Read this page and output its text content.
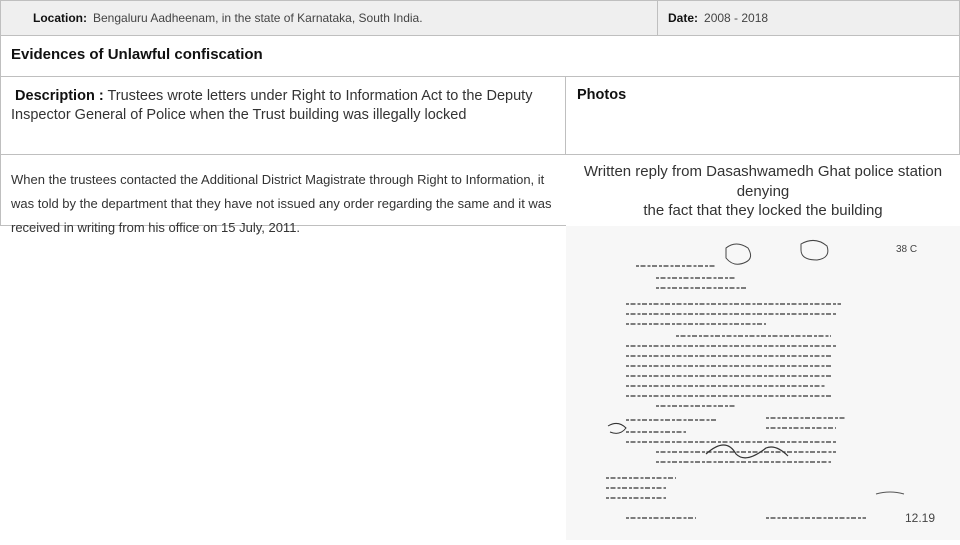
Location: Bengaluru Aadheenam, in the state of Karnataka, South India.	Date: 2008 - 2018
Evidences of Unlawful confiscation
Description : Trustees wrote letters under Right to Information Act to the Deputy Inspector General of Police when the Trust building was illegally locked
Photos
When the trustees contacted the Additional District Magistrate through Right to Information, it was told by the department that they have not issued any order regarding the same and it was received in writing from his office on 15 July, 2011.
Written reply from Dasashwamedh Ghat police station denying
the fact that they locked the building
38 C
12.19
